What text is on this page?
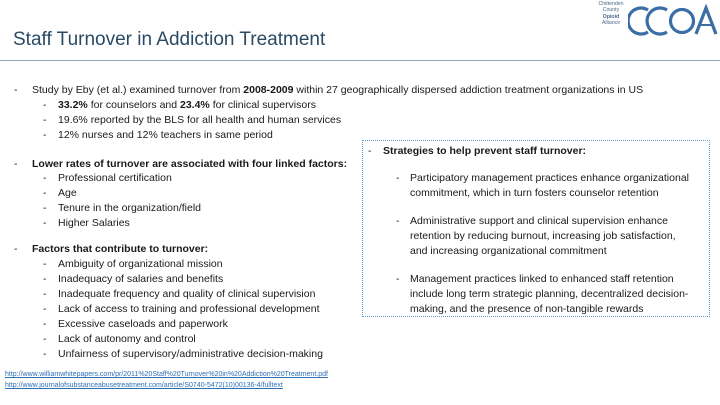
Staff Turnover in Addiction Treatment
Chittenden
County
Opioid
Alliance
- Study by Eby (et al.) examined turnover from 2008-2009 within 27 geographically dispersed addiction treatment organizations in US
- 33.2% for counselors and 23.4% for clinical supervisors
- 19.6% reported by the BLS for all health and human services
- 12% nurses and 12% teachers in same period
- Lower rates of turnover are associated with four linked factors:
- Professional certification
- Age
- Tenure in the organization/field
- Higher Salaries
- Factors that contribute to turnover:
- Ambiguity of organizational mission
- Inadequacy of salaries and benefits
- Inadequate frequency and quality of clinical supervision
- Lack of access to training and professional development
- Excessive caseloads and paperwork
- Lack of autonomy and control
- Unfairness of supervisory/administrative decision-making
- Strategies to help prevent staff turnover:
- Participatory management practices enhance organizational
commitment, which in turn fosters counselor retention
- Administrative support and clinical supervision enhance
retention by reducing burnout, increasing job satisfaction,
and increasing organizational commitment
- Management practices linked to enhanced staff retention
include long term strategic planning, decentralized decision-
making, and the presence of non-tangible rewards
http://www.williamwhitepapers.com/pr/2011%20Staff%20Turnover%20in%20Addiction%20Treatment.pdf
http://www.journalofsubstanceabusetreatment.com/article/S0740-5472(10)00136-4/fulltext
